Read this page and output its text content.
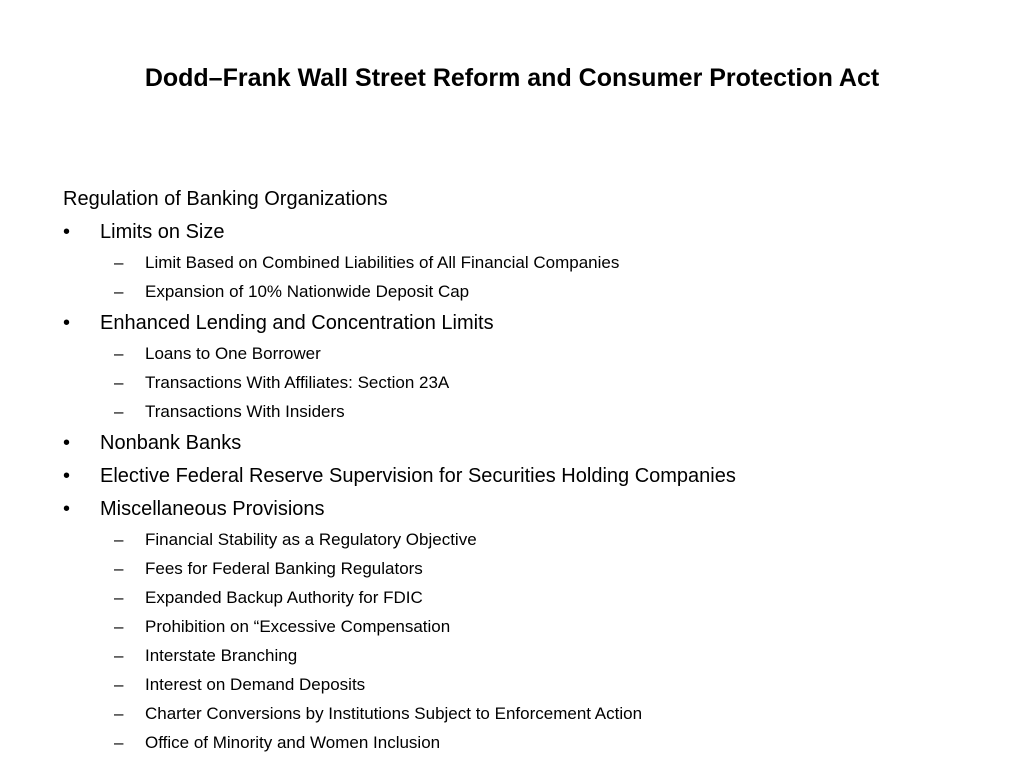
Dodd–Frank Wall Street Reform and Consumer Protection Act
Regulation of Banking Organizations
•	Limits on Size
– Limit Based on Combined Liabilities of All Financial Companies
– Expansion of 10% Nationwide Deposit Cap
•	Enhanced Lending and Concentration Limits
– Loans to One Borrower
– Transactions With Affiliates: Section 23A
– Transactions With Insiders
•	Nonbank Banks
•	Elective Federal Reserve Supervision for Securities Holding Companies
•	Miscellaneous Provisions
– Financial Stability as a Regulatory Objective
– Fees for Federal Banking Regulators
– Expanded Backup Authority for FDIC
– Prohibition on “Excessive Compensation
– Interstate Branching
– Interest on Demand Deposits
– Charter Conversions by Institutions Subject to Enforcement Action
– Office of Minority and Women Inclusion
